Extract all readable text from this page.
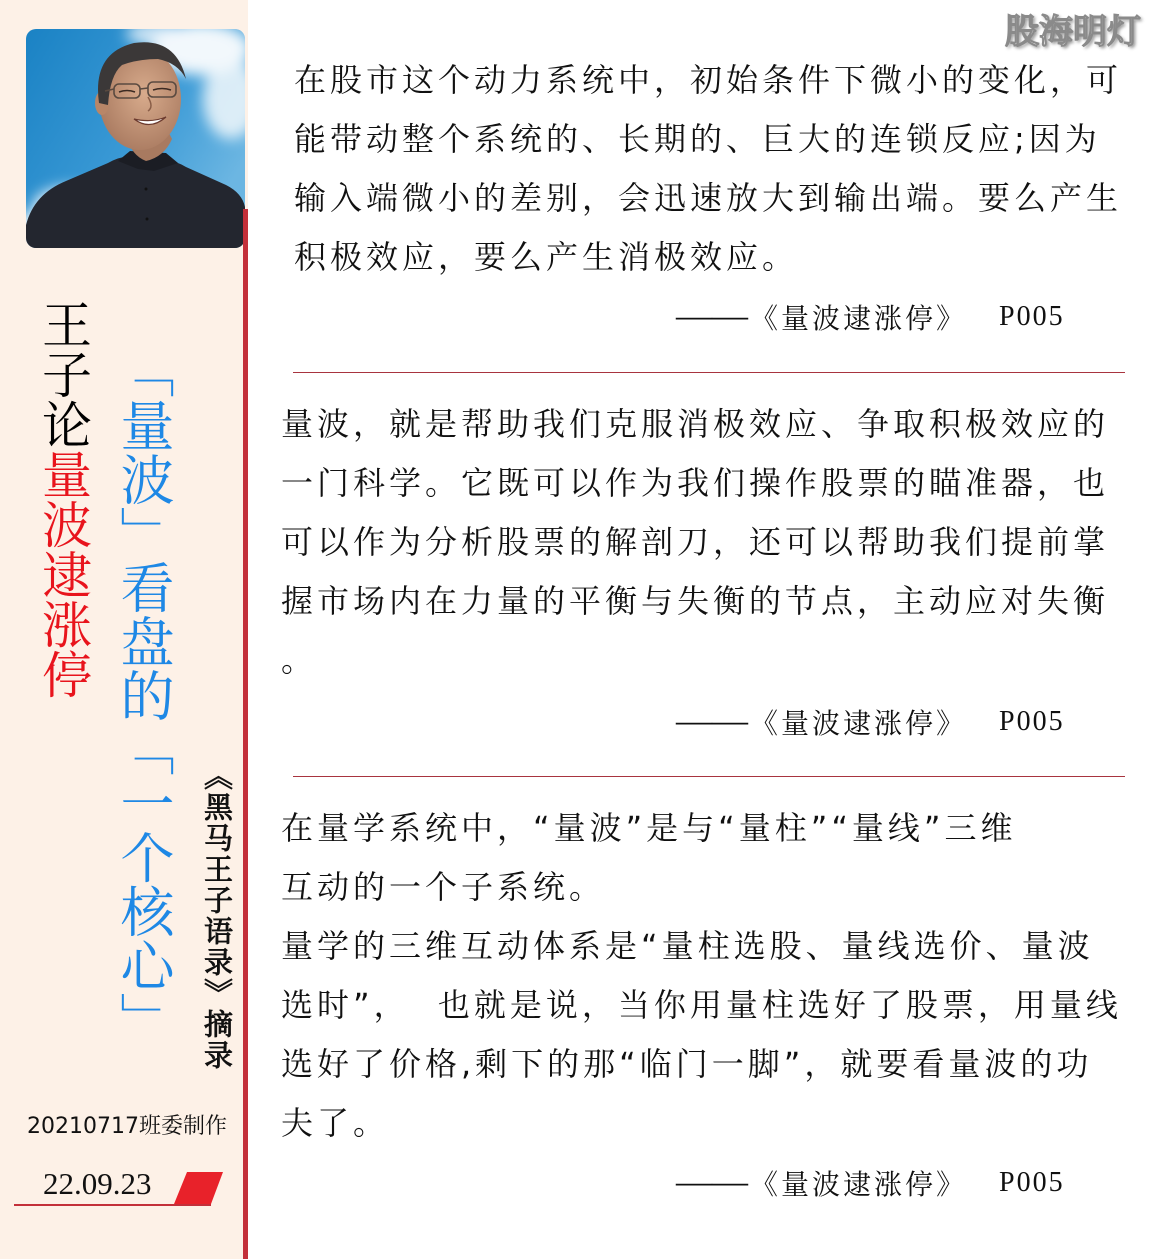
王子论量波逮涨停 「量波」看盘的「一个核心」 《黑马王子语录》摘录
20210717班委制作
22.09.23
股海明灯
在股市这个动力系统中，初始条件下微小的变化，可
能带动整个系统的、长期的、巨大的连锁反应;因为
输入端微小的差别，会迅速放大到输出端。要么产生
积极效应，要么产生消极效应。
—— 《量波逮涨停》 P005
量波，就是帮助我们克服消极效应、争取积极效应的
一门科学。它既可以作为我们操作股票的瞄准器，也
可以作为分析股票的解剖刀，还可以帮助我们提前掌
握市场内在力量的平衡与失衡的节点，主动应对失衡
。
—— 《量波逮涨停》 P005
在量学系统中，“量波”是与“量柱”“量线”三维
互动的一个子系统。
量学的三维互动体系是“量柱选股、量线选价、量波
选时”，  也就是说，当你用量柱选好了股票，用量线
选好了价格,剩下的那“临门一脚”，就要看量波的功
夫了。
—— 《量波逮涨停》 P005
